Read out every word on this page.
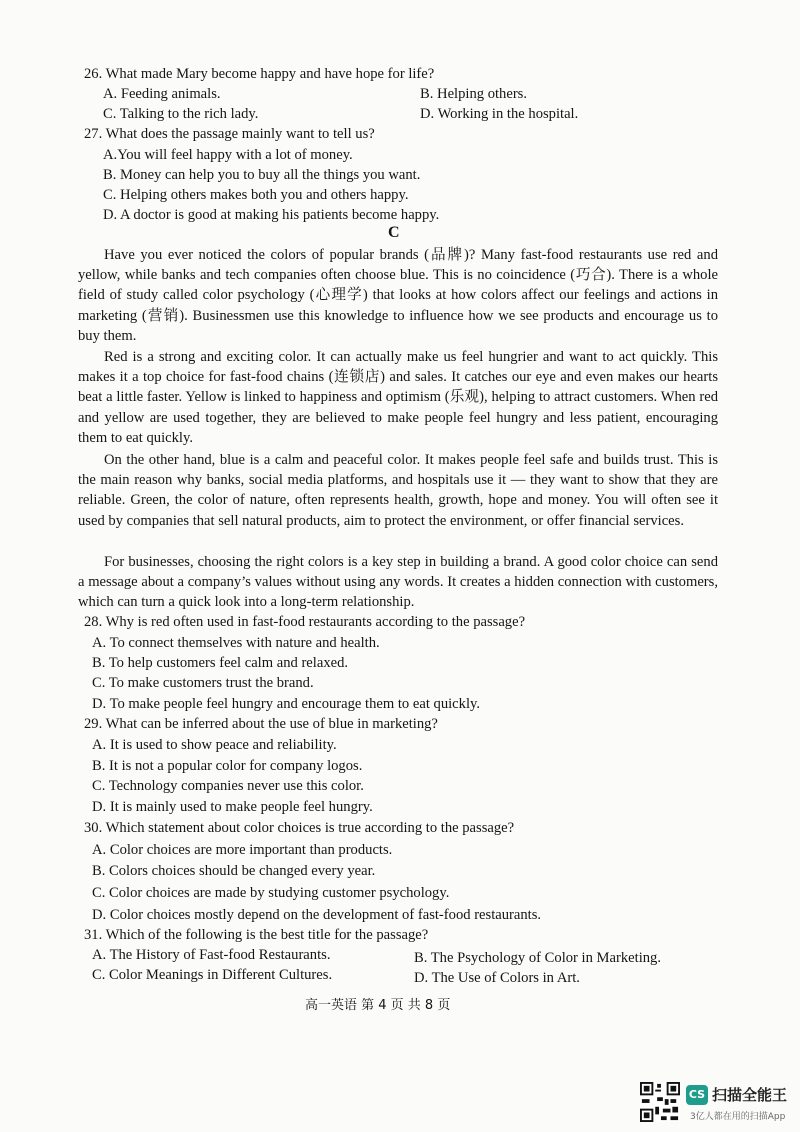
26. What made Mary become happy and have hope for life?
A. Feeding animals.	B. Helping others.
C. Talking to the rich lady.	D. Working in the hospital.
27. What does the passage mainly want to tell us?
A.You will feel happy with a lot of money.
B. Money can help you to buy all the things you want.
C. Helping others makes both you and others happy.
D. A doctor is good at making his patients become happy.
C
Have you ever noticed the colors of popular brands (品牌)? Many fast-food restaurants use red and yellow, while banks and tech companies often choose blue. This is no coincidence (巧合). There is a whole field of study called color psychology (心理学) that looks at how colors affect our feelings and actions in marketing (营销). Businessmen use this knowledge to influence how we see products and encourage us to buy them.
Red is a strong and exciting color. It can actually make us feel hungrier and want to act quickly. This makes it a top choice for fast-food chains (连锁店) and sales. It catches our eye and even makes our hearts beat a little faster. Yellow is linked to happiness and optimism (乐观), helping to attract customers. When red and yellow are used together, they are believed to make people feel hungry and less patient, encouraging them to eat quickly.
On the other hand, blue is a calm and peaceful color. It makes people feel safe and builds trust. This is the main reason why banks, social media platforms, and hospitals use it — they want to show that they are reliable. Green, the color of nature, often represents health, growth, hope and money. You will often see it used by companies that sell natural products, aim to protect the environment, or offer financial services.
For businesses, choosing the right colors is a key step in building a brand. A good color choice can send a message about a company’s values without using any words. It creates a hidden connection with customers, which can turn a quick look into a long-term relationship.
28. Why is red often used in fast-food restaurants according to the passage?
A. To connect themselves with nature and health.
B. To help customers feel calm and relaxed.
C. To make customers trust the brand.
D. To make people feel hungry and encourage them to eat quickly.
29. What can be inferred about the use of blue in marketing?
A. It is used to show peace and reliability.
B. It is not a popular color for company logos.
C. Technology companies never use this color.
D. It is mainly used to make people feel hungry.
30. Which statement about color choices is true according to the passage?
A. Color choices are more important than products.
B. Colors choices should be changed every year.
C. Color choices are made by studying customer psychology.
D. Color choices mostly depend on the development of fast-food restaurants.
31. Which of the following is the best title for the passage?
A. The History of Fast-food Restaurants.	B. The Psychology of Color in Marketing.
C. Color Meanings in Different Cultures.	D. The Use of Colors in Art.
高一英语 第 4 页 共 8 页
CS 扫描全能王
3亿人都在用的扫描App
